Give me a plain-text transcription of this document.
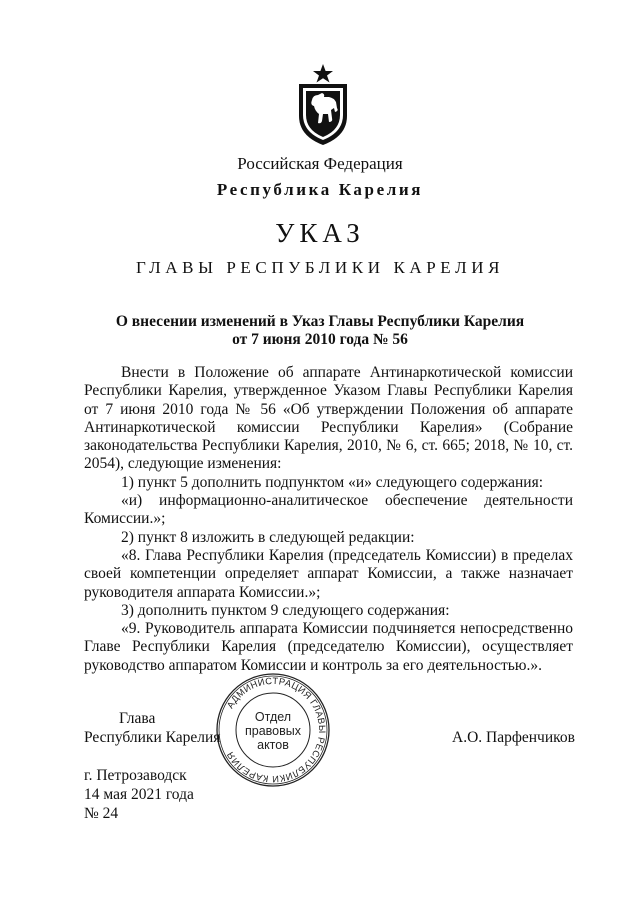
Российская Федерация
Республика Карелия
УКАЗ
ГЛАВЫ РЕСПУБЛИКИ КАРЕЛИЯ
О внесении изменений в Указ Главы Республики Карелия
от 7 июня 2010 года № 56

Внести в Положение об аппарате Антинаркотической комиссии Республики Карелия, утвержденное Указом Главы Республики Карелия от 7 июня 2010 года № 56 «Об утверждении Положения об аппарате Антинаркотической комиссии Республики Карелия» (Собрание законодательства Республики Карелия, 2010, № 6, ст. 665; 2018, № 10, ст. 2054), следующие изменения:

1) пункт 5 дополнить подпунктом «и» следующего содержания:

«и) информационно-аналитическое обеспечение деятельности Комиссии.»;

2) пункт 8 изложить в следующей редакции:

«8. Глава Республики Карелия (председатель Комиссии) в пределах своей компетенции определяет аппарат Комиссии, а также назначает руководителя аппарата Комиссии.»;

3) дополнить пунктом 9 следующего содержания:

«9. Руководитель аппарата Комиссии подчиняется непосредственно Главе Республики Карелия (председателю Комиссии), осуществляет руководство аппаратом Комиссии и контроль за его деятельностью.».

АДМИНИСТРАЦИЯ ГЛАВЫ РЕСПУБЛИКИ КАРЕЛИЯ
Отдел
правовых
актов
Глава
Республики Карелия	А.О. Парфенчиков
г. Петрозаводск
14 мая 2021 года
№ 24
